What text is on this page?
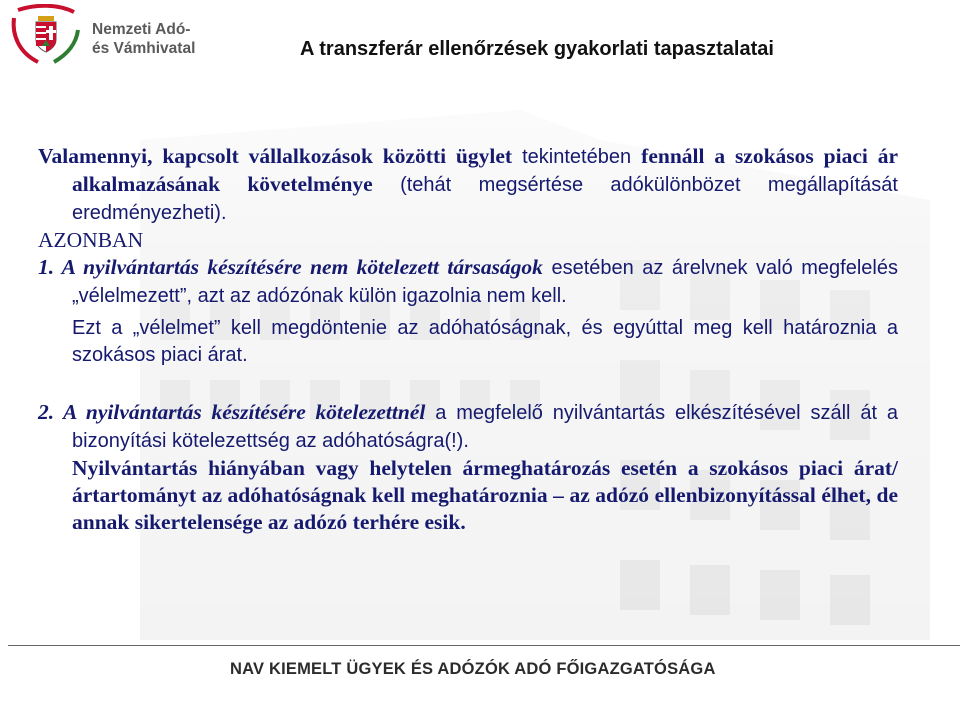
Nemzeti Adó-
és Vámhivatal	A transzferár ellenőrzések gyakorlati tapasztalatai

Valamennyi, kapcsolt vállalkozások közötti ügylet tekintetében fennáll a szokásos piaci ár alkalmazásának követelménye (tehát megsértése adókülönbözet megállapítását eredményezheti).

AZONBAN

1. A nyilvántartás készítésére nem kötelezett társaságok esetében az árelvnek való megfelelés „vélelmezett”, azt az adózónak külön igazolnia nem kell.

Ezt a „vélelmet” kell megdöntenie az adóhatóságnak, és egyúttal meg kell határoznia a szokásos piaci árat.

2. A nyilvántartás készítésére kötelezettnél a megfelelő nyilvántartás elkészítésével száll át a bizonyítási kötelezettség az adóhatóságra(!).

Nyilvántartás hiányában vagy helytelen ármeghatározás esetén a szokásos piaci árat/ártartományt az adóhatóságnak kell meghatároznia – az adózó ellenbizonyítással élhet, de annak sikertelensége az adózó terhére esik.

NAV KIEMELT ÜGYEK ÉS ADÓZÓK ADÓ FŐIGAZGATÓSÁGA
